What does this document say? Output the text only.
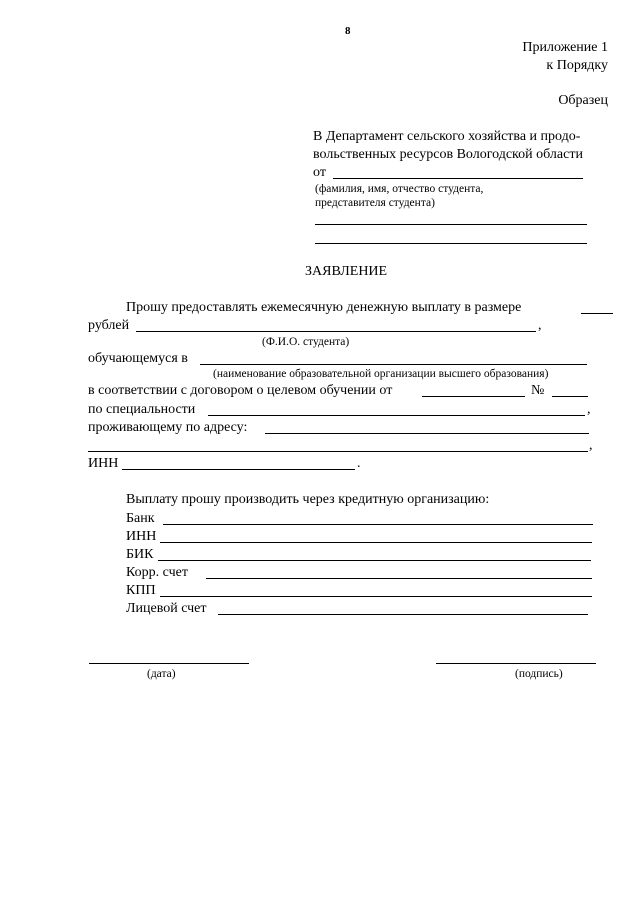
8
Приложение 1
к Порядку
Образец
В Департамент сельского хозяйства и продо-
вольственных ресурсов Вологодской области
от
(фамилия, имя, отчество студента,
представителя студента)
ЗАЯВЛЕНИЕ
Прошу предоставлять ежемесячную денежную выплату в размере
рублей	,
(Ф.И.О. студента)
обучающемуся в
(наименование образовательной организации высшего образования)
в соответствии с договором о целевом обучении от	№
по специальности	,
проживающему по адресу:
,
ИНН	.
Выплату прошу производить через кредитную организацию:
Банк
ИНН
БИК
Корр. счет
КПП
Лицевой счет
(дата)	(подпись)
